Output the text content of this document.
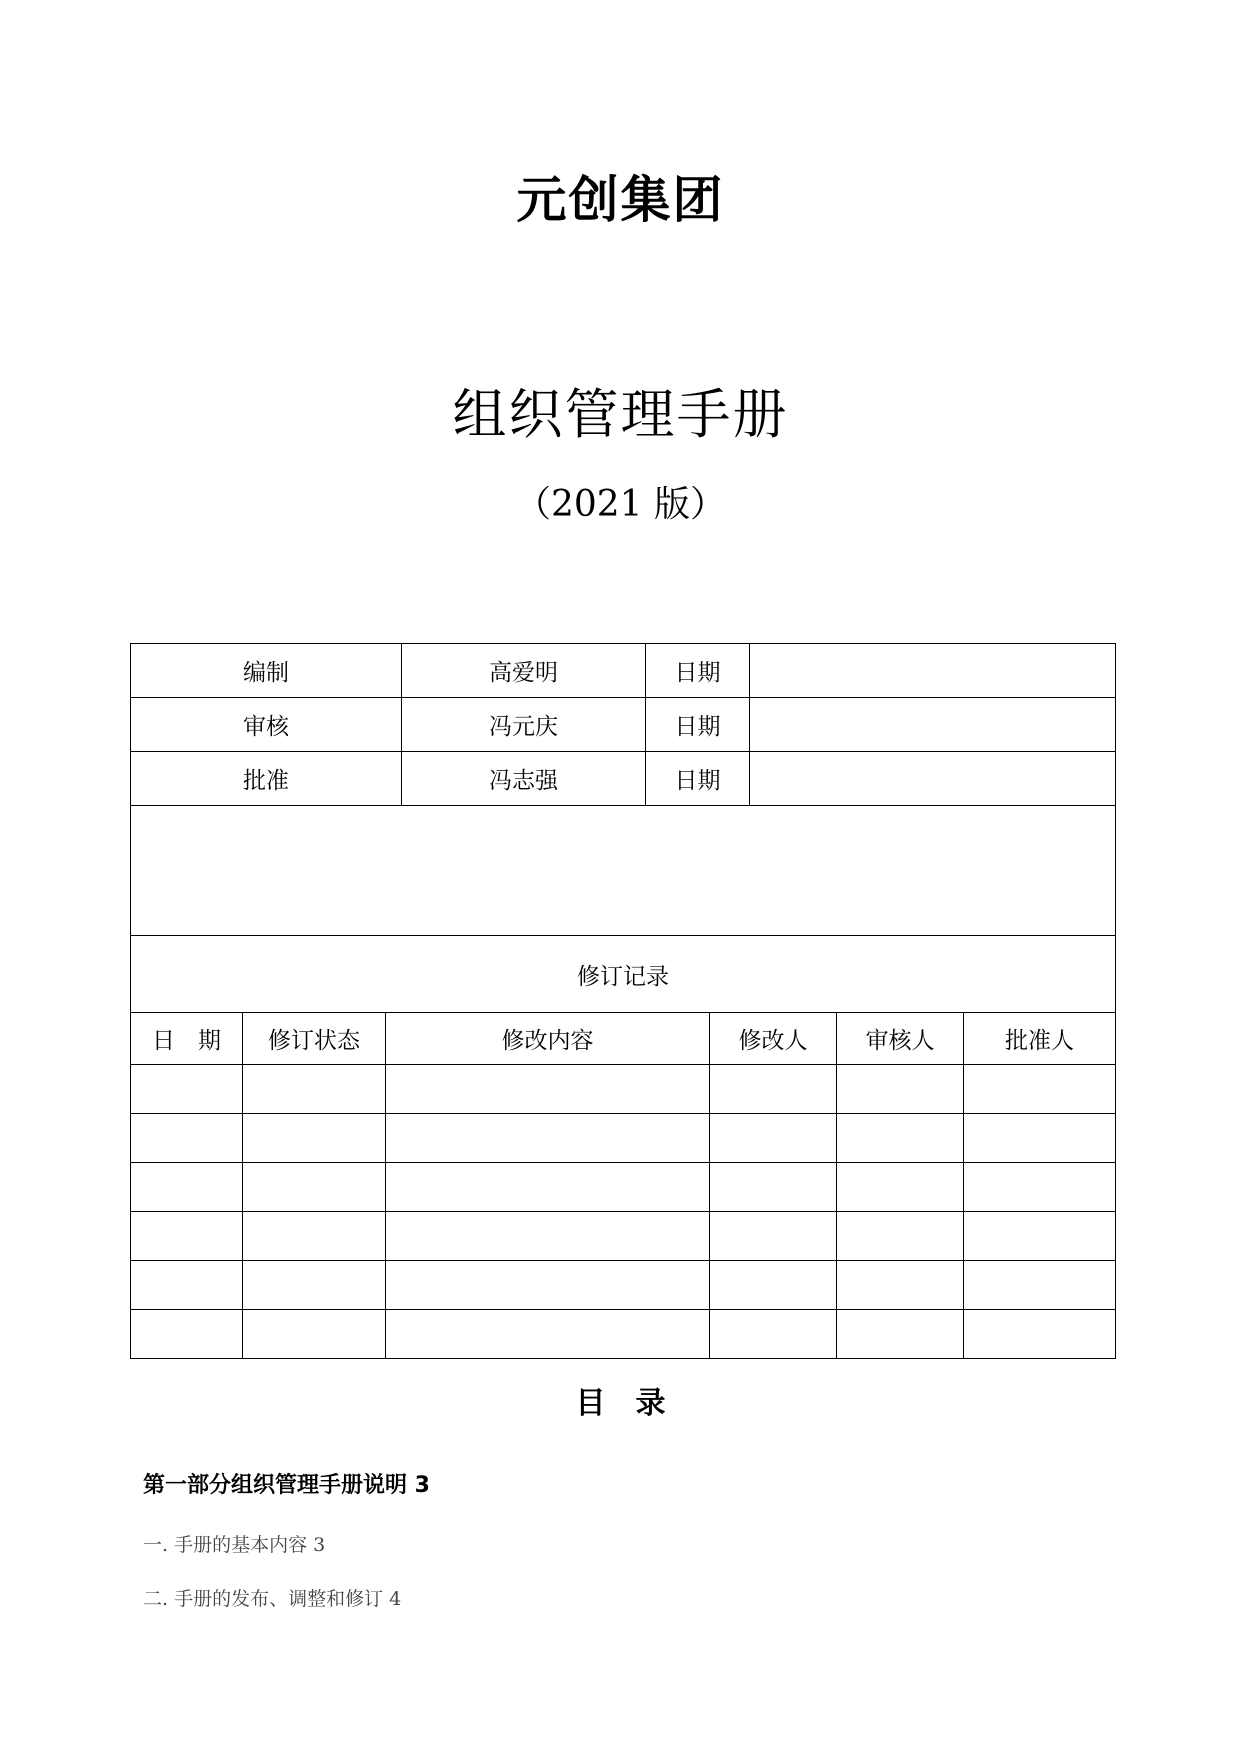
元创集团
组织管理手册
（2021 版）
编制	高爱明	日期	
审核	冯元庆	日期	
批准	冯志强	日期	

修订记录			
日　期	修订状态	修改内容	修改人	审核人	批准人

目录
第一部分组织管理手册说明 3
一. 手册的基本内容 3
二. 手册的发布、调整和修订 4
